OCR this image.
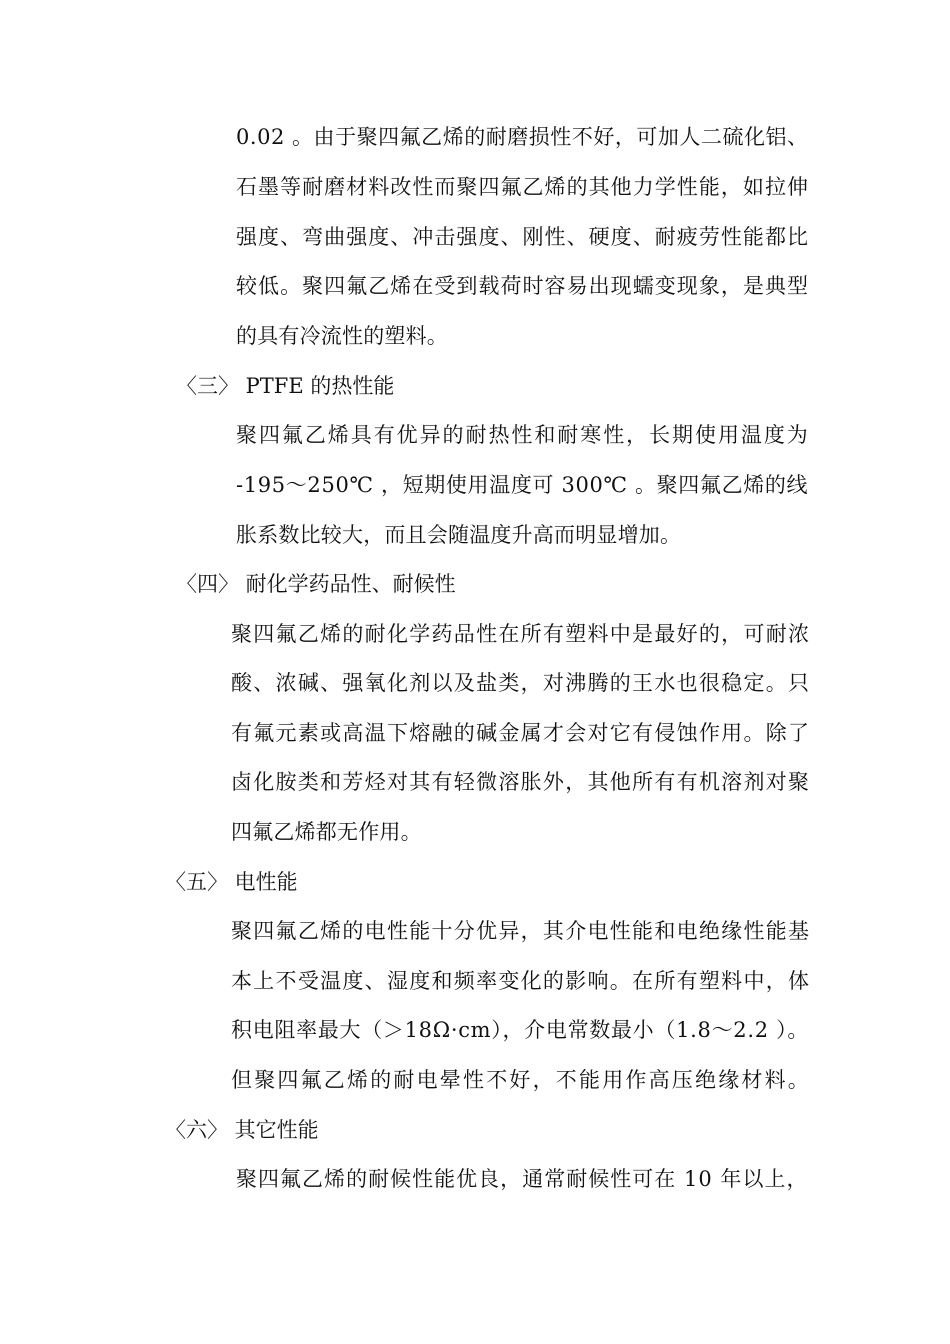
0.02 。由于聚四氟乙烯的耐磨损性不好，可加人二硫化铝、
石墨等耐磨材料改性而聚四氟乙烯的其他力学性能，如拉伸
强度、弯曲强度、冲击强度、刚性、硬度、耐疲劳性能都比
较低。聚四氟乙烯在受到载荷时容易出现蠕变现象，是典型
的具有冷流性的塑料。
〈三〉 PTFE 的热性能
聚四氟乙烯具有优异的耐热性和耐寒性，长期使用温度为
-195～250℃ ，短期使用温度可 300℃ 。聚四氟乙烯的线
胀系数比较大，而且会随温度升高而明显增加。
〈四〉 耐化学药品性、耐候性
聚四氟乙烯的耐化学药品性在所有塑料中是最好的，可耐浓
酸、浓碱、强氧化剂以及盐类，对沸腾的王水也很稳定。只
有氟元素或高温下熔融的碱金属才会对它有侵蚀作用。除了
卤化胺类和芳烃对其有轻微溶胀外，其他所有有机溶剂对聚
四氟乙烯都无作用。
〈五〉 电性能
聚四氟乙烯的电性能十分优异，其介电性能和电绝缘性能基
本上不受温度、湿度和频率变化的影响。在所有塑料中，体
积电阻率最大（＞18Ω·cm），介电常数最小（1.8～2.2 ）。
但聚四氟乙烯的耐电晕性不好，不能用作高压绝缘材料。
〈六〉 其它性能
聚四氟乙烯的耐候性能优良，通常耐候性可在 10 年以上，
